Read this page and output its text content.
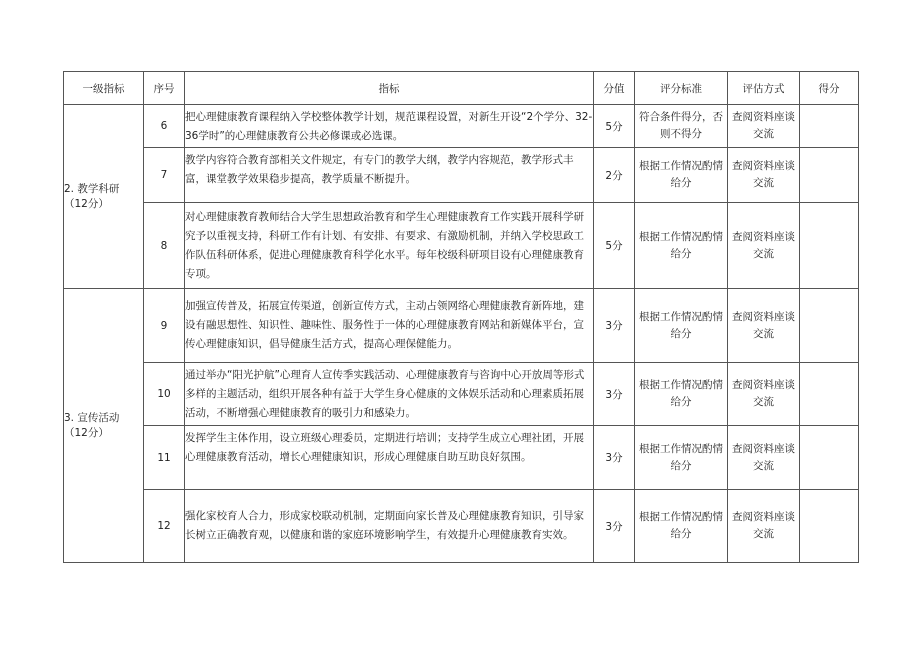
一级指标	序号	指标	分值	评分标准	评估方式	得分
2. 教学科研（12分）	6	把心理健康教育课程纳入学校整体教学计划，规范课程设置，对新生开设“2个学分、32-36学时”的心理健康教育公共必修课或必选课。	5分	符合条件得分，否则不得分	查阅资料座谈交流	
	7	教学内容符合教育部相关文件规定，有专门的教学大纲，教学内容规范，教学形式丰富，课堂教学效果稳步提高，教学质量不断提升。	2分	根据工作情况酌情给分	查阅资料座谈交流	
	8	对心理健康教育教师结合大学生思想政治教育和学生心理健康教育工作实践开展科学研究予以重视支持，科研工作有计划、有安排、有要求、有激励机制，并纳入学校思政工作队伍科研体系，促进心理健康教育科学化水平。每年校级科研项目设有心理健康教育专项。	5分	根据工作情况酌情给分	查阅资料座谈交流	
3. 宣传活动（12分）	9	加强宣传普及，拓展宣传渠道，创新宣传方式，主动占领网络心理健康教育新阵地，建设有融思想性、知识性、趣味性、服务性于一体的心理健康教育网站和新媒体平台，宣传心理健康知识，倡导健康生活方式，提高心理保健能力。	3分	根据工作情况酌情给分	查阅资料座谈交流	
	10	通过举办“阳光护航”心理育人宣传季实践活动、心理健康教育与咨询中心开放周等形式多样的主题活动，组织开展各种有益于大学生身心健康的文体娱乐活动和心理素质拓展活动，不断增强心理健康教育的吸引力和感染力。	3分	根据工作情况酌情给分	查阅资料座谈交流	
	11	发挥学生主体作用，设立班级心理委员，定期进行培训；支持学生成立心理社团，开展心理健康教育活动，增长心理健康知识，形成心理健康自助互助良好氛围。	3分	根据工作情况酌情给分	查阅资料座谈交流	
	12	强化家校育人合力，形成家校联动机制，定期面向家长普及心理健康教育知识，引导家长树立正确教育观，以健康和谐的家庭环境影响学生，有效提升心理健康教育实效。	3分	根据工作情况酌情给分	查阅资料座谈交流	
